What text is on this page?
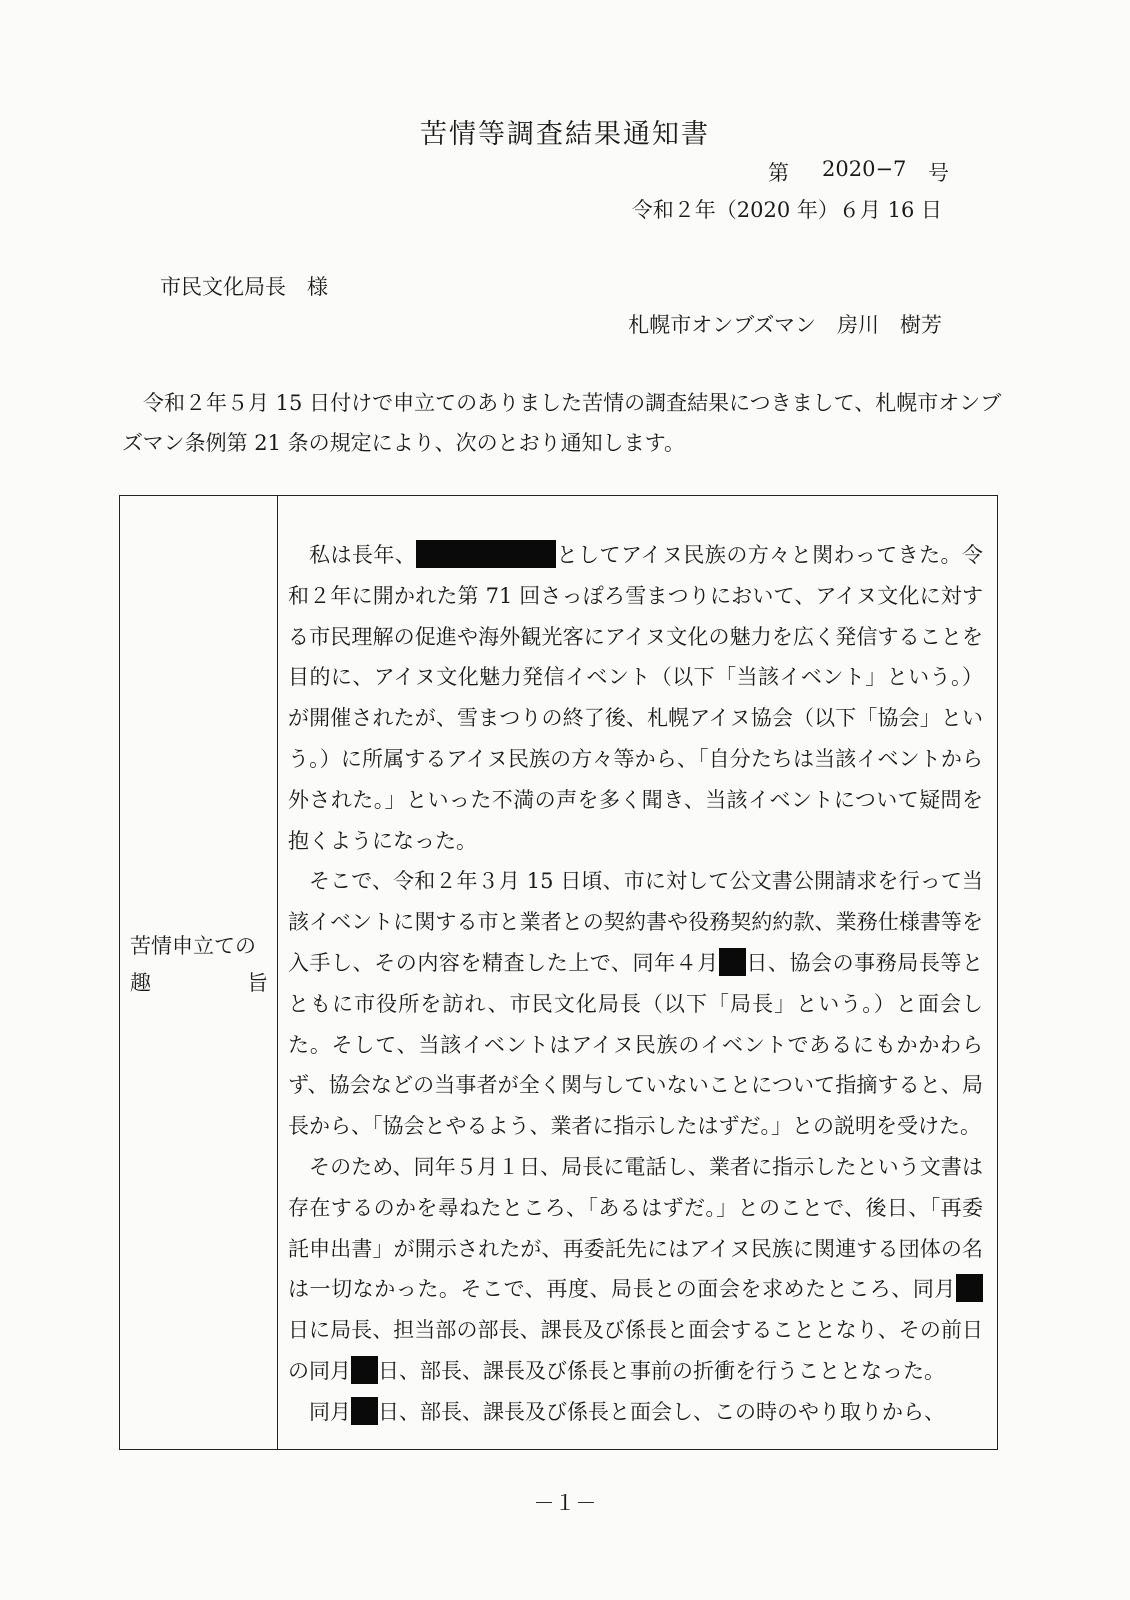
苦情等調査結果通知書
第 2020−7 号
令和２年（2020 年）６月 16 日
市民文化局長　様
札幌市オンブズマン　房川　樹芳

令和２年５月 15 日付けで申立てのありました苦情の調査結果につきまして、札幌市オンブズマン条例第 21 条の規定により、次のとおり通知します。

苦情申立ての
趣	旨

私は長年、	としてアイヌ民族の方々と関わってきた。令和２年に開かれた第 71 回さっぽろ雪まつりにおいて、アイヌ文化に対する市民理解の促進や海外観光客にアイヌ文化の魅力を広く発信することを目的に、アイヌ文化魅力発信イベント（以下「当該イベント」という。）が開催されたが、雪まつりの終了後、札幌アイヌ協会（以下「協会」という。）に所属するアイヌ民族の方々等から、「自分たちは当該イベントから外された。」といった不満の声を多く聞き、当該イベントについて疑問を抱くようになった。

そこで、令和２年３月 15 日頃、市に対して公文書公開請求を行って当該イベントに関する市と業者との契約書や役務契約約款、業務仕様書等を入手し、その内容を精査した上で、同年４月 日、協会の事務局長等とともに市役所を訪れ、市民文化局長（以下「局長」という。）と面会した。そして、当該イベントはアイヌ民族のイベントであるにもかかわらず、協会などの当事者が全く関与していないことについて指摘すると、局長から、「協会とやるよう、業者に指示したはずだ。」との説明を受けた。

そのため、同年５月１日、局長に電話し、業者に指示したという文書は存在するのかを尋ねたところ、「あるはずだ。」とのことで、後日、「再委託申出書」が開示されたが、再委託先にはアイヌ民族に関連する団体の名は一切なかった。そこで、再度、局長との面会を求めたところ、同月日に局長、担当部の部長、課長及び係長と面会することとなり、その前日の同月 日、部長、課長及び係長と事前の折衝を行うこととなった。

同月 日、部長、課長及び係長と面会し、この時のやり取りから、

－１－
